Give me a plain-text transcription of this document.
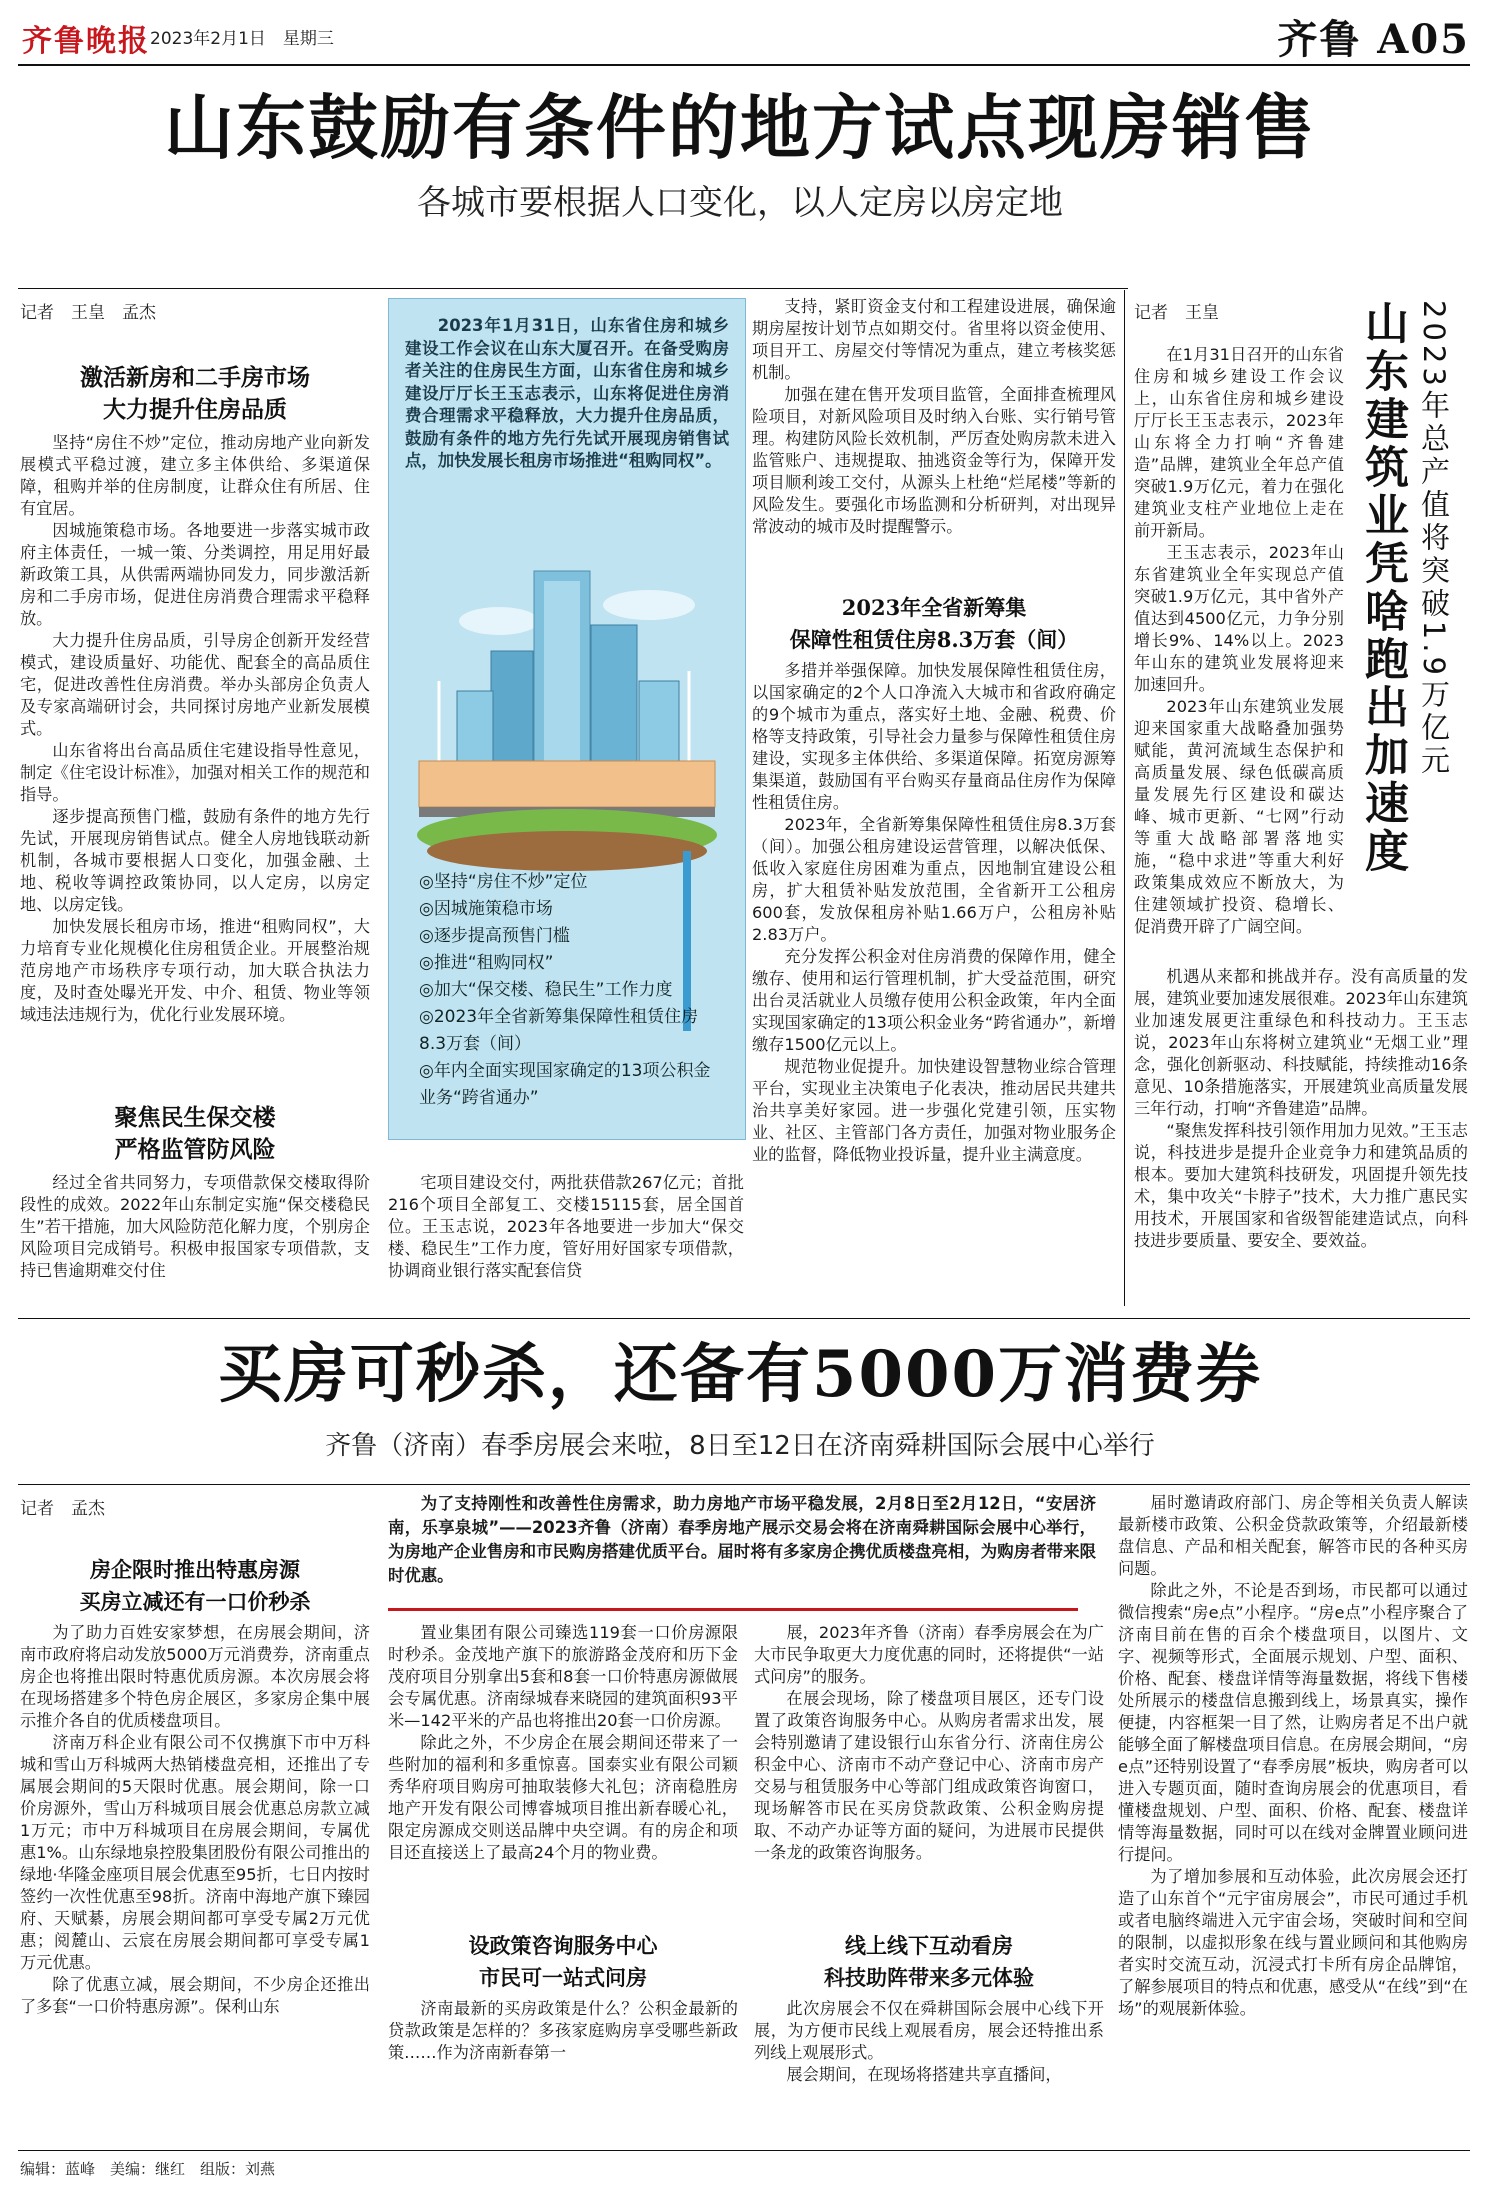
齐鲁晚报 2023年2月1日　星期三	齐鲁 A05
山东鼓励有条件的地方试点现房销售
各城市要根据人口变化，以人定房以房定地
记者　王皇　孟杰
激活新房和二手房市场
大力提升住房品质

坚持“房住不炒”定位，推动房地产业向新发展模式平稳过渡，建立多主体供给、多渠道保障，租购并举的住房制度，让群众住有所居、住有宜居。

因城施策稳市场。各地要进一步落实城市政府主体责任，一城一策、分类调控，用足用好最新政策工具，从供需两端协同发力，同步激活新房和二手房市场，促进住房消费合理需求平稳释放。

大力提升住房品质，引导房企创新开发经营模式，建设质量好、功能优、配套全的高品质住宅，促进改善性住房消费。举办头部房企负责人及专家高端研讨会，共同探讨房地产业新发展模式。

山东省将出台高品质住宅建设指导性意见，制定《住宅设计标准》，加强对相关工作的规范和指导。

逐步提高预售门槛，鼓励有条件的地方先行先试，开展现房销售试点。健全人房地钱联动新机制，各城市要根据人口变化，加强金融、土地、税收等调控政策协同，以人定房，以房定地、以房定钱。

加快发展长租房市场，推进“租购同权”，大力培育专业化规模化住房租赁企业。开展整治规范房地产市场秩序专项行动，加大联合执法力度，及时查处曝光开发、中介、租赁、物业等领域违法违规行为，优化行业发展环境。

聚焦民生保交楼
严格监管防风险

经过全省共同努力，专项借款保交楼取得阶段性的成效。2022年山东制定实施“保交楼稳民生”若干措施，加大风险防范化解力度，个别房企风险项目完成销号。积极申报国家专项借款，支持已售逾期难交付住

2023年1月31日，山东省住房和城乡建设工作会议在山东大厦召开。在备受购房者关注的住房民生方面，山东省住房和城乡建设厅厅长王玉志表示，山东将促进住房消费合理需求平稳释放，大力提升住房品质，鼓励有条件的地方先行先试开展现房销售试点，加快发展长租房市场推进“租购同权”。

◎坚持“房住不炒”定位
◎因城施策稳市场
◎逐步提高预售门槛
◎推进“租购同权”
◎加大“保交楼、稳民生”工作力度
◎2023年全省新筹集保障性租赁住房8.3万套（间）
◎年内全面实现国家确定的13项公积金业务“跨省通办”

宅项目建设交付，两批获借款267亿元；首批216个项目全部复工、交楼15115套，居全国首位。王玉志说，2023年各地要进一步加大“保交楼、稳民生”工作力度，管好用好国家专项借款，协调商业银行落实配套信贷

支持，紧盯资金支付和工程建设进展，确保逾期房屋按计划节点如期交付。省里将以资金使用、项目开工、房屋交付等情况为重点，建立考核奖惩机制。

加强在建在售开发项目监管，全面排查梳理风险项目，对新风险项目及时纳入台账、实行销号管理。构建防风险长效机制，严厉查处购房款未进入监管账户、违规提取、抽逃资金等行为，保障开发项目顺利竣工交付，从源头上杜绝“烂尾楼”等新的风险发生。要强化市场监测和分析研判，对出现异常波动的城市及时提醒警示。

2023年全省新筹集
保障性租赁住房8.3万套（间）

多措并举强保障。加快发展保障性租赁住房，以国家确定的2个人口净流入大城市和省政府确定的9个城市为重点，落实好土地、金融、税费、价格等支持政策，引导社会力量参与保障性租赁住房建设，实现多主体供给、多渠道保障。拓宽房源筹集渠道，鼓励国有平台购买存量商品住房作为保障性租赁住房。

2023年，全省新筹集保障性租赁住房8.3万套（间）。加强公租房建设运营管理，以解决低保、低收入家庭住房困难为重点，因地制宜建设公租房，扩大租赁补贴发放范围，全省新开工公租房600套，发放保租房补贴1.66万户，公租房补贴2.83万户。

充分发挥公积金对住房消费的保障作用，健全缴存、使用和运行管理机制，扩大受益范围，研究出台灵活就业人员缴存使用公积金政策，年内全面实现国家确定的13项公积金业务“跨省通办”，新增缴存1500亿元以上。

规范物业促提升。加快建设智慧物业综合管理平台，实现业主决策电子化表决，推动居民共建共治共享美好家园。进一步强化党建引领，压实物业、社区、主管部门各方责任，加强对物业服务企业的监督，降低物业投诉量，提升业主满意度。

记者　王皇

在1月31日召开的山东省住房和城乡建设工作会议上，山东省住房和城乡建设厅厅长王玉志表示，2023年山东将全力打响“齐鲁建造”品牌，建筑业全年总产值突破1.9万亿元，着力在强化建筑业支柱产业地位上走在前开新局。

王玉志表示，2023年山东省建筑业全年实现总产值突破1.9万亿元，其中省外产值达到4500亿元，力争分别增长9%、14%以上。2023年山东的建筑业发展将迎来加速回升。

2023年山东建筑业发展迎来国家重大战略叠加强势赋能，黄河流域生态保护和高质量发展、绿色低碳高质量发展先行区建设和碳达峰、城市更新、“七网”行动等重大战略部署落地实施，“稳中求进”等重大利好政策集成效应不断放大，为住建领域扩投资、稳增长、促消费开辟了广阔空间。

山东建筑业凭啥跑出加速度 2023年总产值将突破1.9万亿元

机遇从来都和挑战并存。没有高质量的发展，建筑业要加速发展很难。2023年山东建筑业加速发展更注重绿色和科技动力。王玉志说，2023年山东将树立建筑业“无烟工业”理念，强化创新驱动、科技赋能，持续推动16条意见、10条措施落实，开展建筑业高质量发展三年行动，打响“齐鲁建造”品牌。

“聚焦发挥科技引领作用加力见效。”王玉志说，科技进步是提升企业竞争力和建筑品质的根本。要加大建筑科技研发，巩固提升领先技术，集中攻关“卡脖子”技术，大力推广惠民实用技术，开展国家和省级智能建造试点，向科技进步要质量、要安全、要效益。

买房可秒杀，还备有5000万消费券
齐鲁（济南）春季房展会来啦，8日至12日在济南舜耕国际会展中心举行
记者　孟杰	为了支持刚性和改善性住房需求，助力房地产市场平稳发展，2月8日至2月12日，“安居济南，乐享泉城”——2023齐鲁（济南）春季房地产展示交易会将在济南舜耕国际会展中心举行，为房地产企业售房和市民购房搭建优质平台。届时将有多家房企携优质楼盘亮相，为购房者带来限时优惠。

房企限时推出特惠房源
买房立减还有一口价秒杀

为了助力百姓安家梦想，在房展会期间，济南市政府将启动发放5000万元消费券，济南重点房企也将推出限时特惠优质房源。本次房展会将在现场搭建多个特色房企展区，多家房企集中展示推介各自的优质楼盘项目。

济南万科企业有限公司不仅携旗下市中万科城和雪山万科城两大热销楼盘亮相，还推出了专属展会期间的5天限时优惠。展会期间，除一口价房源外，雪山万科城项目展会优惠总房款立减1万元；市中万科城项目在房展会期间，专属优惠1%。山东绿地泉控股集团股份有限公司推出的绿地·华隆金座项目展会优惠至95折，七日内按时签约一次性优惠至98折。济南中海地产旗下臻园府、天赋綦，房展会期间都可享受专属2万元优惠；阅麓山、云宸在房展会期间都可享受专属1万元优惠。

除了优惠立减，展会期间，不少房企还推出了多套“一口价特惠房源”。保利山东

置业集团有限公司臻选119套一口价房源限时秒杀。金茂地产旗下的旅游路金茂府和历下金茂府项目分别拿出5套和8套一口价特惠房源做展会专属优惠。济南绿城春来晓园的建筑面积93平米—142平米的产品也将推出20套一口价房源。

除此之外，不少房企在展会期间还带来了一些附加的福利和多重惊喜。国泰实业有限公司颖秀华府项目购房可抽取装修大礼包；济南稳胜房地产开发有限公司博睿城项目推出新春暖心礼，限定房源成交则送品牌中央空调。有的房企和项目还直接送上了最高24个月的物业费。

设政策咨询服务中心
市民可一站式问房

济南最新的买房政策是什么？公积金最新的贷款政策是怎样的？多孩家庭购房享受哪些新政策……作为济南新春第一

展，2023年齐鲁（济南）春季房展会在为广大市民争取更大力度优惠的同时，还将提供“一站式问房”的服务。

在展会现场，除了楼盘项目展区，还专门设置了政策咨询服务中心。从购房者需求出发，展会特别邀请了建设银行山东省分行、济南住房公积金中心、济南市不动产登记中心、济南市房产交易与租赁服务中心等部门组成政策咨询窗口，现场解答市民在买房贷款政策、公积金购房提取、不动产办证等方面的疑问，为进展市民提供一条龙的政策咨询服务。

线上线下互动看房
科技助阵带来多元体验

此次房展会不仅在舜耕国际会展中心线下开展，为方便市民线上观展看房，展会还特推出系列线上观展形式。

展会期间，在现场将搭建共享直播间，

届时邀请政府部门、房企等相关负责人解读最新楼市政策、公积金贷款政策等，介绍最新楼盘信息、产品和相关配套，解答市民的各种买房问题。

除此之外，不论是否到场，市民都可以通过微信搜索“房e点”小程序。“房e点”小程序聚合了济南目前在售的百余个楼盘项目，以图片、文字、视频等形式，全面展示规划、户型、面积、价格、配套、楼盘详情等海量数据，将线下售楼处所展示的楼盘信息搬到线上，场景真实，操作便捷，内容框架一目了然，让购房者足不出户就能够全面了解楼盘项目信息。在房展会期间，“房e点”还特别设置了“春季房展”板块，购房者可以进入专题页面，随时查询房展会的优惠项目，看懂楼盘规划、户型、面积、价格、配套、楼盘详情等海量数据，同时可以在线对金牌置业顾问进行提问。

为了增加参展和互动体验，此次房展会还打造了山东首个“元宇宙房展会”，市民可通过手机或者电脑终端进入元宇宙会场，突破时间和空间的限制，以虚拟形象在线与置业顾问和其他购房者实时交流互动，沉浸式打卡所有房企品牌馆，了解参展项目的特点和优惠，感受从“在线”到“在场”的观展新体验。

编辑：蓝峰　美编：继红　组版：刘燕
